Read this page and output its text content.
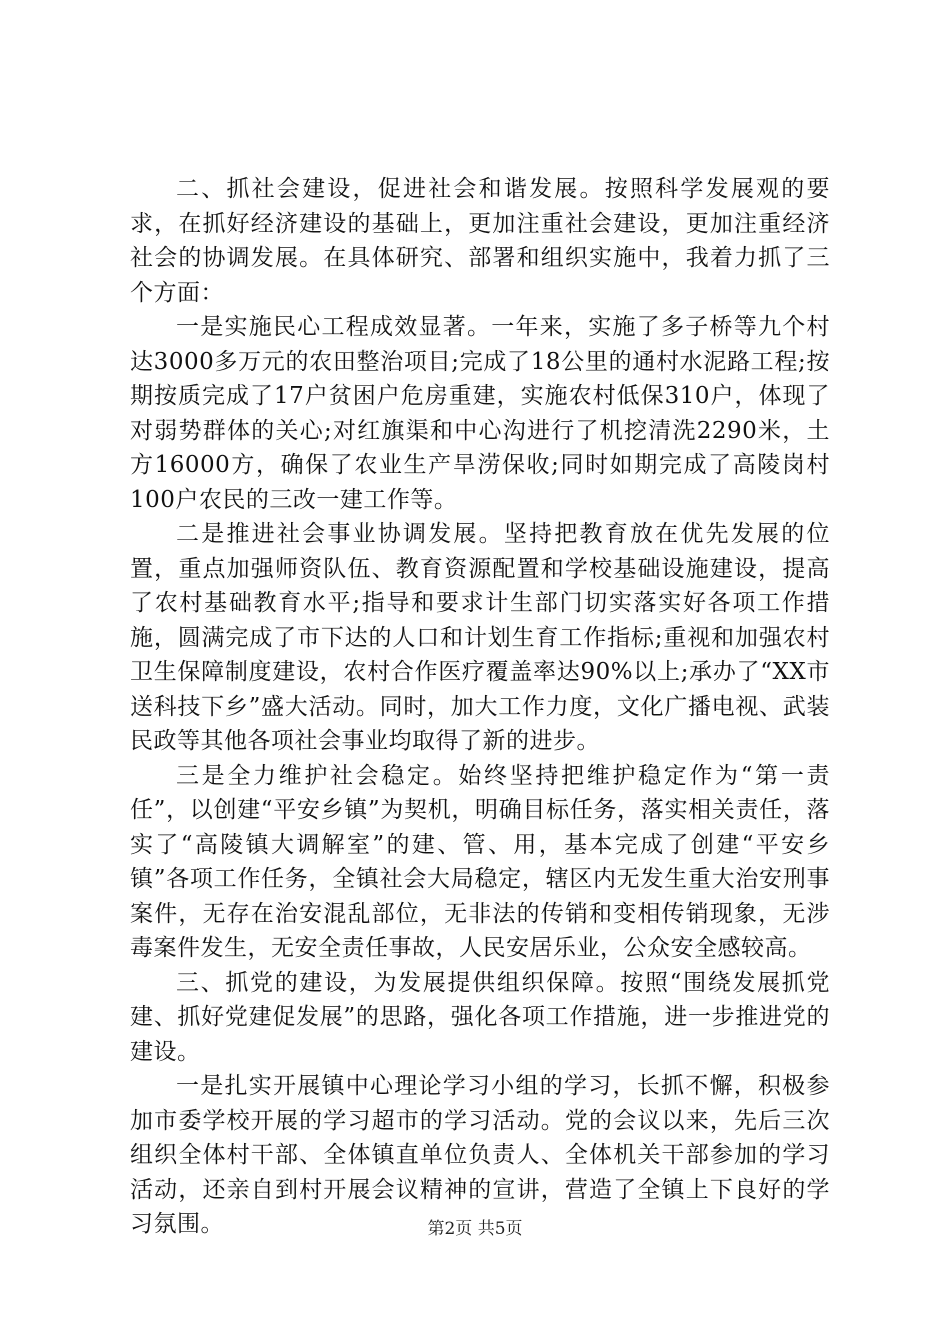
二、抓社会建设，促进社会和谐发展。按照科学发展观的要求，在抓好经济建设的基础上，更加注重社会建设，更加注重经济社会的协调发展。在具体研究、部署和组织实施中，我着力抓了三个方面：

一是实施民心工程成效显著。一年来，实施了多子桥等九个村达3000多万元的农田整治项目;完成了18公里的通村水泥路工程;按期按质完成了17户贫困户危房重建，实施农村低保310户，体现了对弱势群体的关心;对红旗渠和中心沟进行了机挖清洗2290米，土方16000方，确保了农业生产旱涝保收;同时如期完成了高陵岗村100户农民的三改一建工作等。

二是推进社会事业协调发展。坚持把教育放在优先发展的位置，重点加强师资队伍、教育资源配置和学校基础设施建设，提高了农村基础教育水平;指导和要求计生部门切实落实好各项工作措施，圆满完成了市下达的人口和计划生育工作指标;重视和加强农村卫生保障制度建设，农村合作医疗覆盖率达90%以上;承办了“XX市送科技下乡”盛大活动。同时，加大工作力度，文化广播电视、武装民政等其他各项社会事业均取得了新的进步。

三是全力维护社会稳定。始终坚持把维护稳定作为“第一责任”，以创建“平安乡镇”为契机，明确目标任务，落实相关责任，落实了“高陵镇大调解室”的建、管、用，基本完成了创建“平安乡镇”各项工作任务，全镇社会大局稳定，辖区内无发生重大治安刑事案件，无存在治安混乱部位，无非法的传销和变相传销现象，无涉毒案件发生，无安全责任事故，人民安居乐业，公众安全感较高。

三、抓党的建设，为发展提供组织保障。按照“围绕发展抓党建、抓好党建促发展”的思路，强化各项工作措施，进一步推进党的建设。

一是扎实开展镇中心理论学习小组的学习，长抓不懈，积极参加市委学校开展的学习超市的学习活动。党的会议以来，先后三次组织全体村干部、全体镇直单位负责人、全体机关干部参加的学习活动，还亲自到村开展会议精神的宣讲，营造了全镇上下良好的学习氛围。	第2页 共5页
